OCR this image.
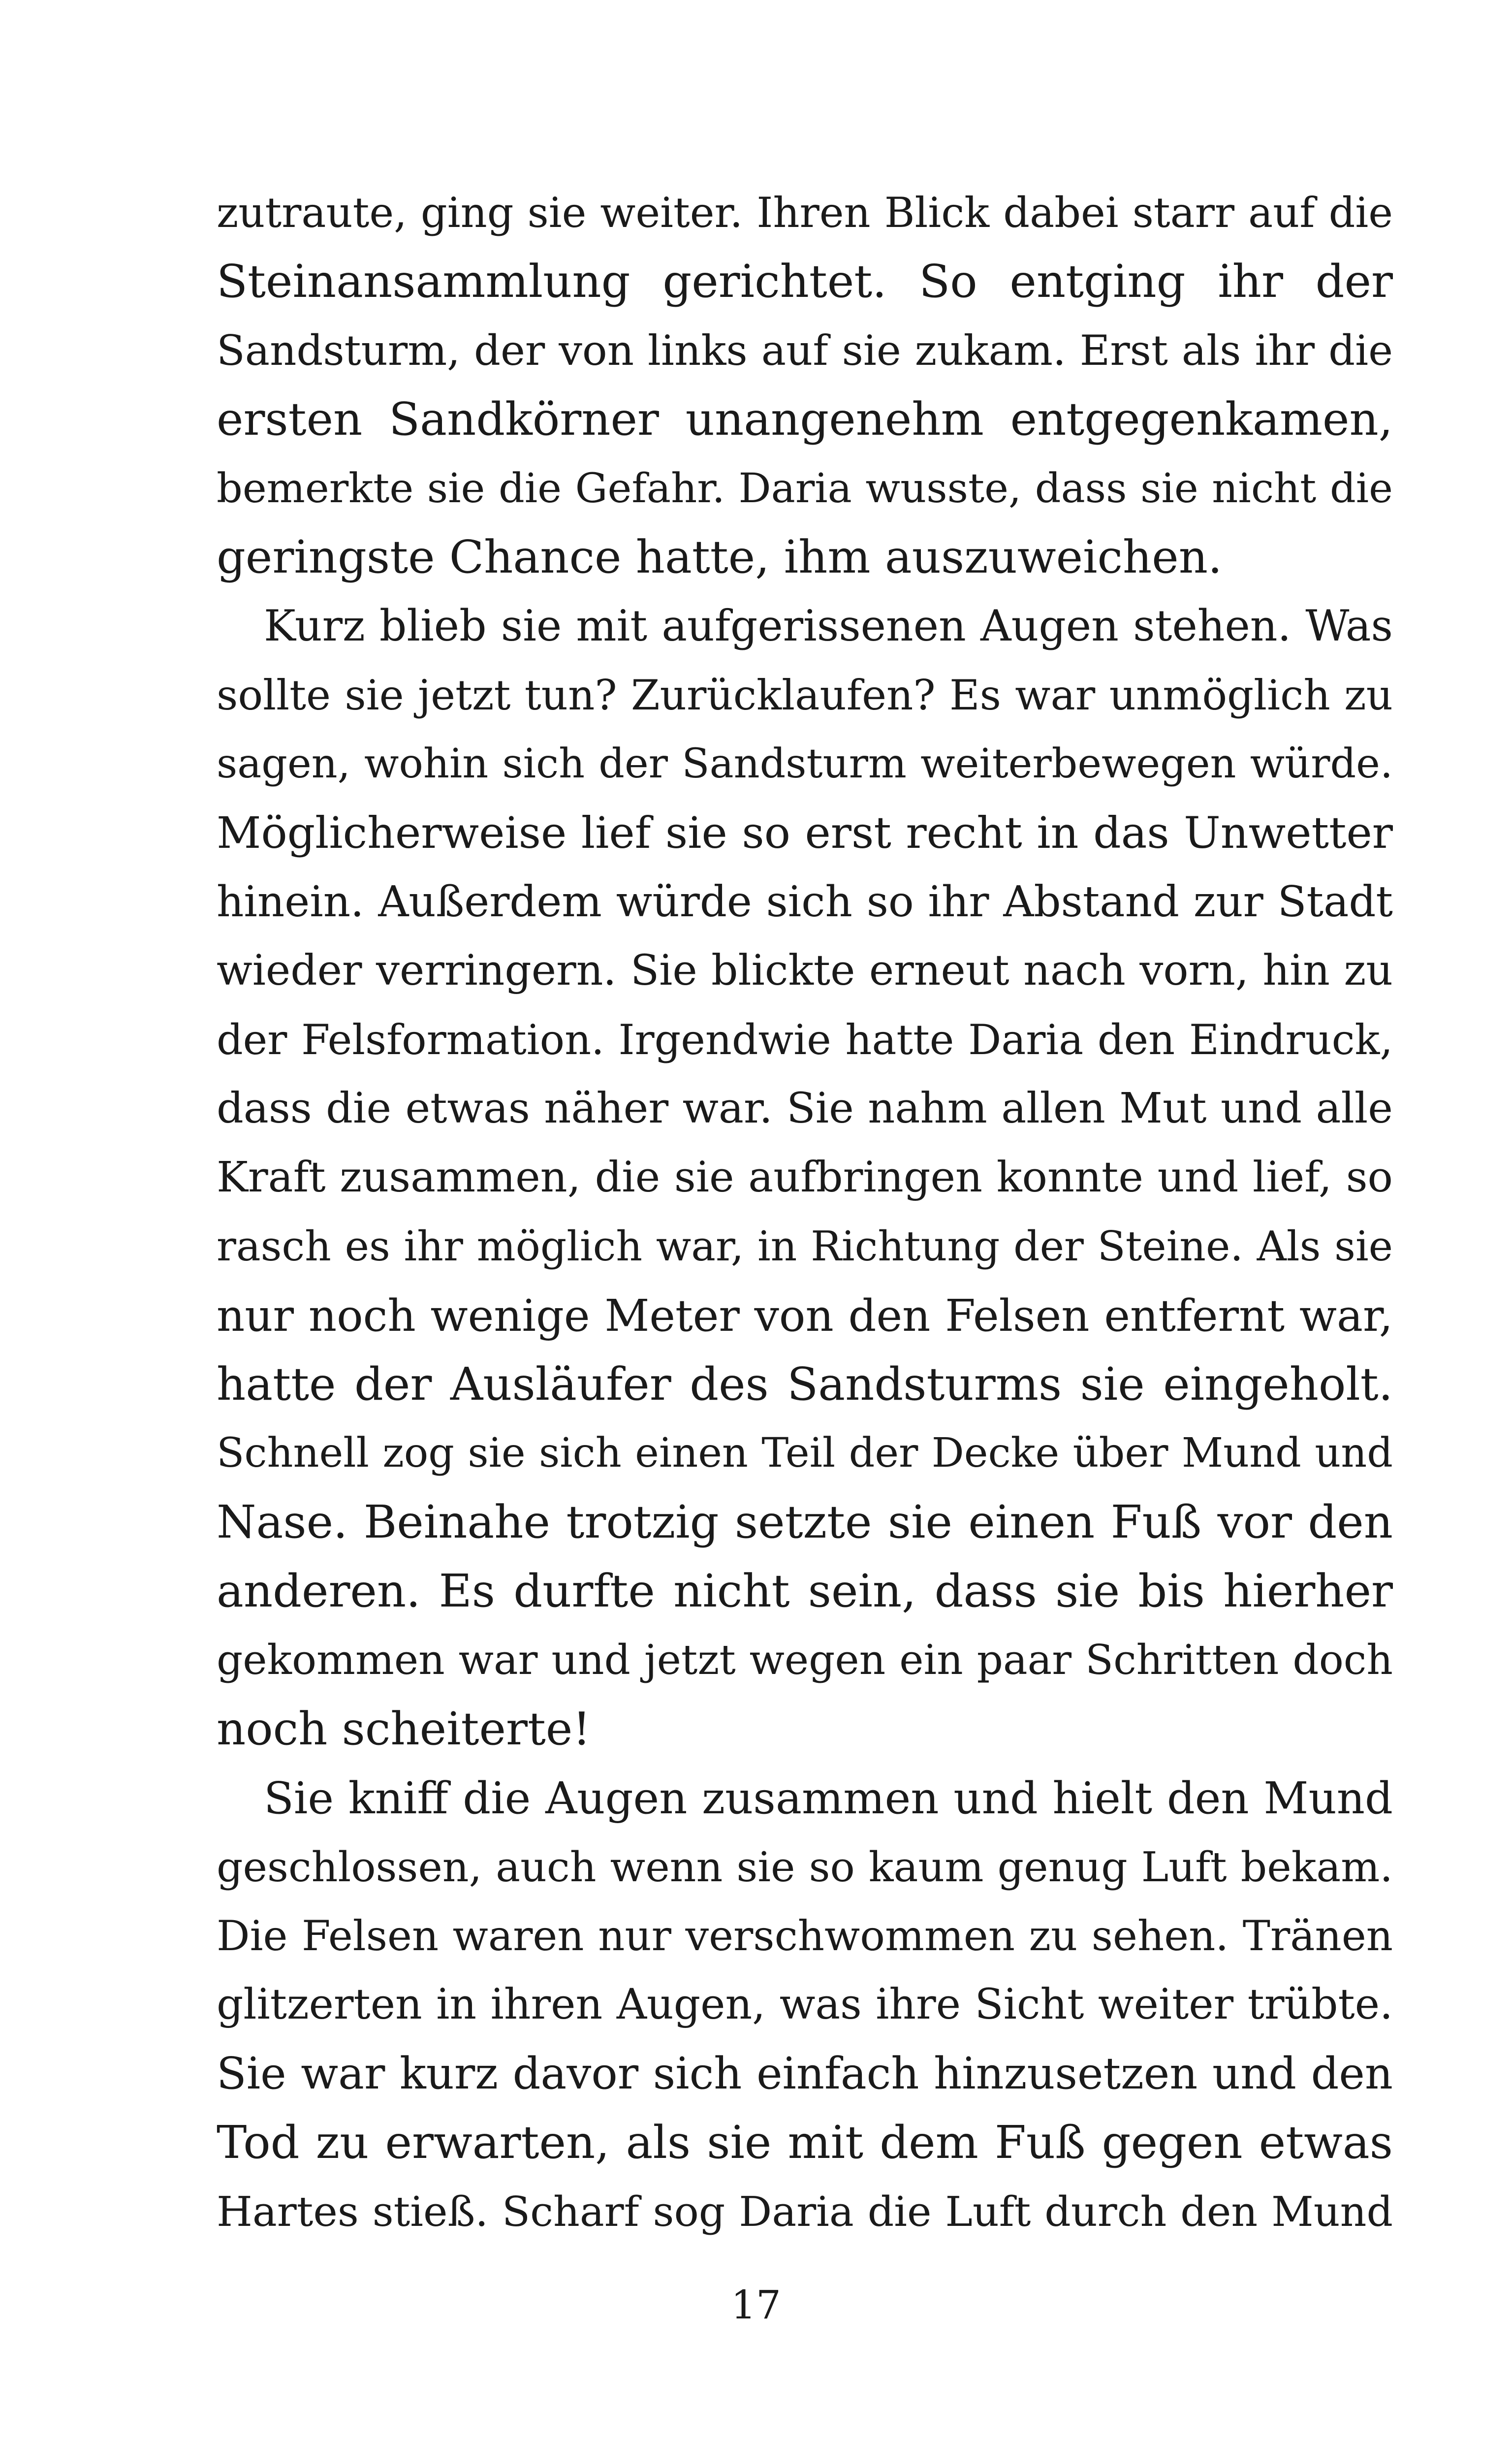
zutraute, ging sie weiter. Ihren Blick dabei starr auf die
Steinansammlung gerichtet. So entging ihr der
Sandsturm, der von links auf sie zukam. Erst als ihr die
ersten Sandkörner unangenehm entgegenkamen,
bemerkte sie die Gefahr. Daria wusste, dass sie nicht die
geringste Chance hatte, ihm auszuweichen.
Kurz blieb sie mit aufgerissenen Augen stehen. Was
sollte sie jetzt tun? Zurücklaufen? Es war unmöglich zu
sagen, wohin sich der Sandsturm weiterbewegen würde.
Möglicherweise lief sie so erst recht in das Unwetter
hinein. Außerdem würde sich so ihr Abstand zur Stadt
wieder verringern. Sie blickte erneut nach vorn, hin zu
der Felsformation. Irgendwie hatte Daria den Eindruck,
dass die etwas näher war. Sie nahm allen Mut und alle
Kraft zusammen, die sie aufbringen konnte und lief, so
rasch es ihr möglich war, in Richtung der Steine. Als sie
nur noch wenige Meter von den Felsen entfernt war,
hatte der Ausläufer des Sandsturms sie eingeholt.
Schnell zog sie sich einen Teil der Decke über Mund und
Nase. Beinahe trotzig setzte sie einen Fuß vor den
anderen. Es durfte nicht sein, dass sie bis hierher
gekommen war und jetzt wegen ein paar Schritten doch
noch scheiterte!
Sie kniff die Augen zusammen und hielt den Mund
geschlossen, auch wenn sie so kaum genug Luft bekam.
Die Felsen waren nur verschwommen zu sehen. Tränen
glitzerten in ihren Augen, was ihre Sicht weiter trübte.
Sie war kurz davor sich einfach hinzusetzen und den
Tod zu erwarten, als sie mit dem Fuß gegen etwas
Hartes stieß. Scharf sog Daria die Luft durch den Mund
17
